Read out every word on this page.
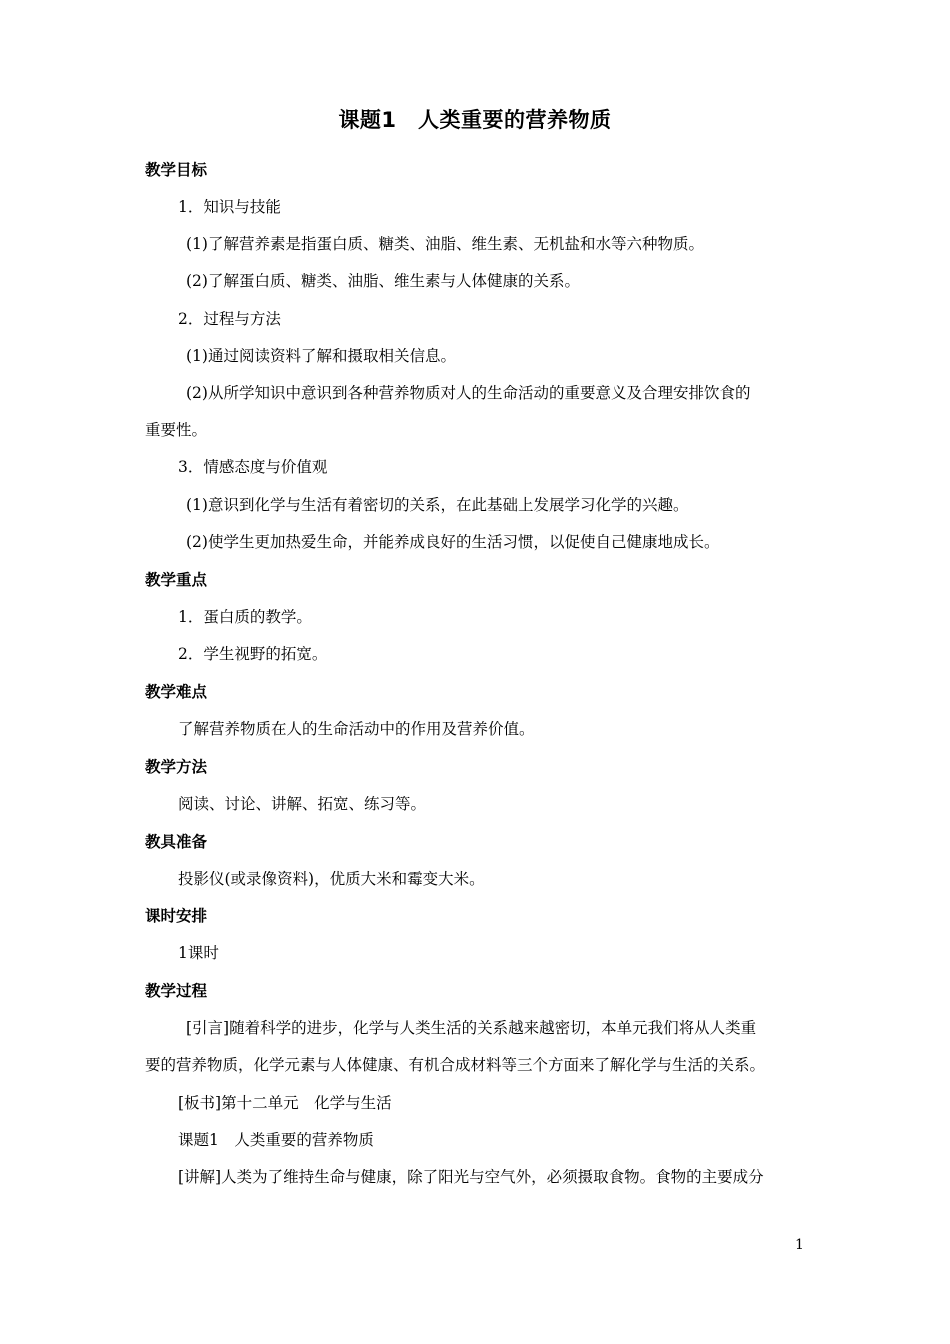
课题1　人类重要的营养物质
教学目标
1．知识与技能
(1)了解营养素是指蛋白质、糖类、油脂、维生素、无机盐和水等六种物质。
(2)了解蛋白质、糖类、油脂、维生素与人体健康的关系。
2．过程与方法
(1)通过阅读资料了解和摄取相关信息。
(2)从所学知识中意识到各种营养物质对人的生命活动的重要意义及合理安排饮食的
重要性。
3．情感态度与价值观
(1)意识到化学与生活有着密切的关系，在此基础上发展学习化学的兴趣。
(2)使学生更加热爱生命，并能养成良好的生活习惯，以促使自己健康地成长。
教学重点
1．蛋白质的教学。
2．学生视野的拓宽。
教学难点
了解营养物质在人的生命活动中的作用及营养价值。
教学方法
阅读、讨论、讲解、拓宽、练习等。
教具准备
投影仪(或录像资料)，优质大米和霉变大米。
课时安排
1课时
教学过程
[引言]随着科学的进步，化学与人类生活的关系越来越密切，本单元我们将从人类重
要的营养物质，化学元素与人体健康、有机合成材料等三个方面来了解化学与生活的关系。
[板书]第十二单元　化学与生活
课题1　人类重要的营养物质
[讲解]人类为了维持生命与健康，除了阳光与空气外，必须摄取食物。食物的主要成分
1
